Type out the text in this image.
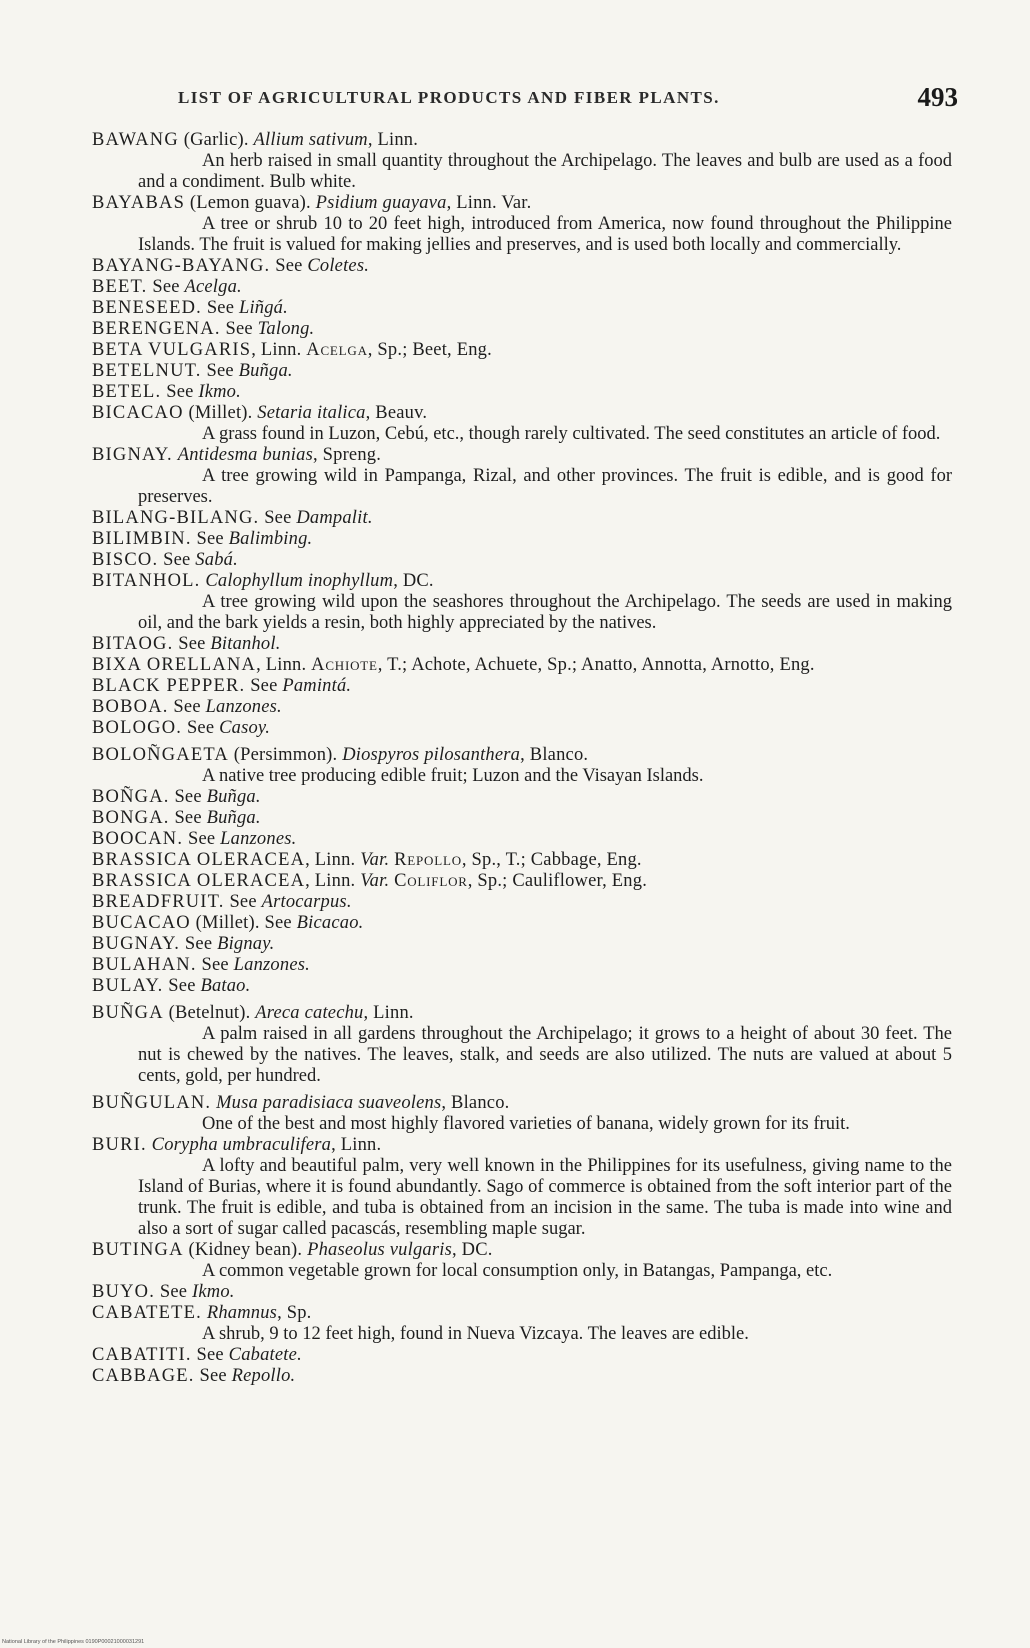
LIST OF AGRICULTURAL PRODUCTS AND FIBER PLANTS.	493
BAWANG (Garlic). Allium sativum, Linn.

An herb raised in small quantity throughout the Archipelago. The leaves and bulb are used as a food and a condiment. Bulb white.

BAYABAS (Lemon guava). Psidium guayava, Linn. Var.

A tree or shrub 10 to 20 feet high, introduced from America, now found throughout the Philippine Islands. The fruit is valued for making jellies and preserves, and is used both locally and commercially.

BAYANG-BAYANG. See Coletes.
BEET. See Acelga.
BENESEED. See Liñgá.
BERENGENA. See Talong.
BETA VULGARIS, Linn. Acelga, Sp.; Beet, Eng.
BETELNUT. See Buñga.
BETEL. See Ikmo.
BICACAO (Millet). Setaria italica, Beauv.

A grass found in Luzon, Cebú, etc., though rarely cultivated. The seed constitutes an article of food.

BIGNAY. Antidesma bunias, Spreng.

A tree growing wild in Pampanga, Rizal, and other provinces. The fruit is edible, and is good for preserves.

BILANG-BILANG. See Dampalit.
BILIMBIN. See Balimbing.
BISCO. See Sabá.
BITANHOL. Calophyllum inophyllum, DC.

A tree growing wild upon the seashores throughout the Archipelago. The seeds are used in making oil, and the bark yields a resin, both highly appreciated by the natives.

BITAOG. See Bitanhol.
BIXA ORELLANA, Linn. Achiote, T.; Achote, Achuete, Sp.; Anatto, Annotta, Arnotto, Eng.
BLACK PEPPER. See Pamintá.
BOBOA. See Lanzones.
BOLOGO. See Casoy.
BOLOÑGAETA (Persimmon). Diospyros pilosanthera, Blanco.

A native tree producing edible fruit; Luzon and the Visayan Islands.

BOÑGA. See Buñga.
BONGA. See Buñga.
BOOCAN. See Lanzones.
BRASSICA OLERACEA, Linn. Var. Repollo, Sp., T.; Cabbage, Eng.
BRASSICA OLERACEA, Linn. Var. Coliflor, Sp.; Cauliflower, Eng.
BREADFRUIT. See Artocarpus.
BUCACAO (Millet). See Bicacao.
BUGNAY. See Bignay.
BULAHAN. See Lanzones.
BULAY. See Batao.
BUÑGA (Betelnut). Areca catechu, Linn.

A palm raised in all gardens throughout the Archipelago; it grows to a height of about 30 feet. The nut is chewed by the natives. The leaves, stalk, and seeds are also utilized. The nuts are valued at about 5 cents, gold, per hundred.

BUÑGULAN. Musa paradisiaca suaveolens, Blanco.

One of the best and most highly flavored varieties of banana, widely grown for its fruit.

BURI. Corypha umbraculifera, Linn.

A lofty and beautiful palm, very well known in the Philippines for its usefulness, giving name to the Island of Burias, where it is found abundantly. Sago of commerce is obtained from the soft interior part of the trunk. The fruit is edible, and tuba is obtained from an incision in the same. The tuba is made into wine and also a sort of sugar called pacascás, resembling maple sugar.

BUTINGA (Kidney bean). Phaseolus vulgaris, DC.

A common vegetable grown for local consumption only, in Batangas, Pampanga, etc.

BUYO. See Ikmo.
CABATETE. Rhamnus, Sp.

A shrub, 9 to 12 feet high, found in Nueva Vizcaya. The leaves are edible.

CABATITI. See Cabatete.
CABBAGE. See Repollo.
National Library of the Philippines 0190P00021000031291
